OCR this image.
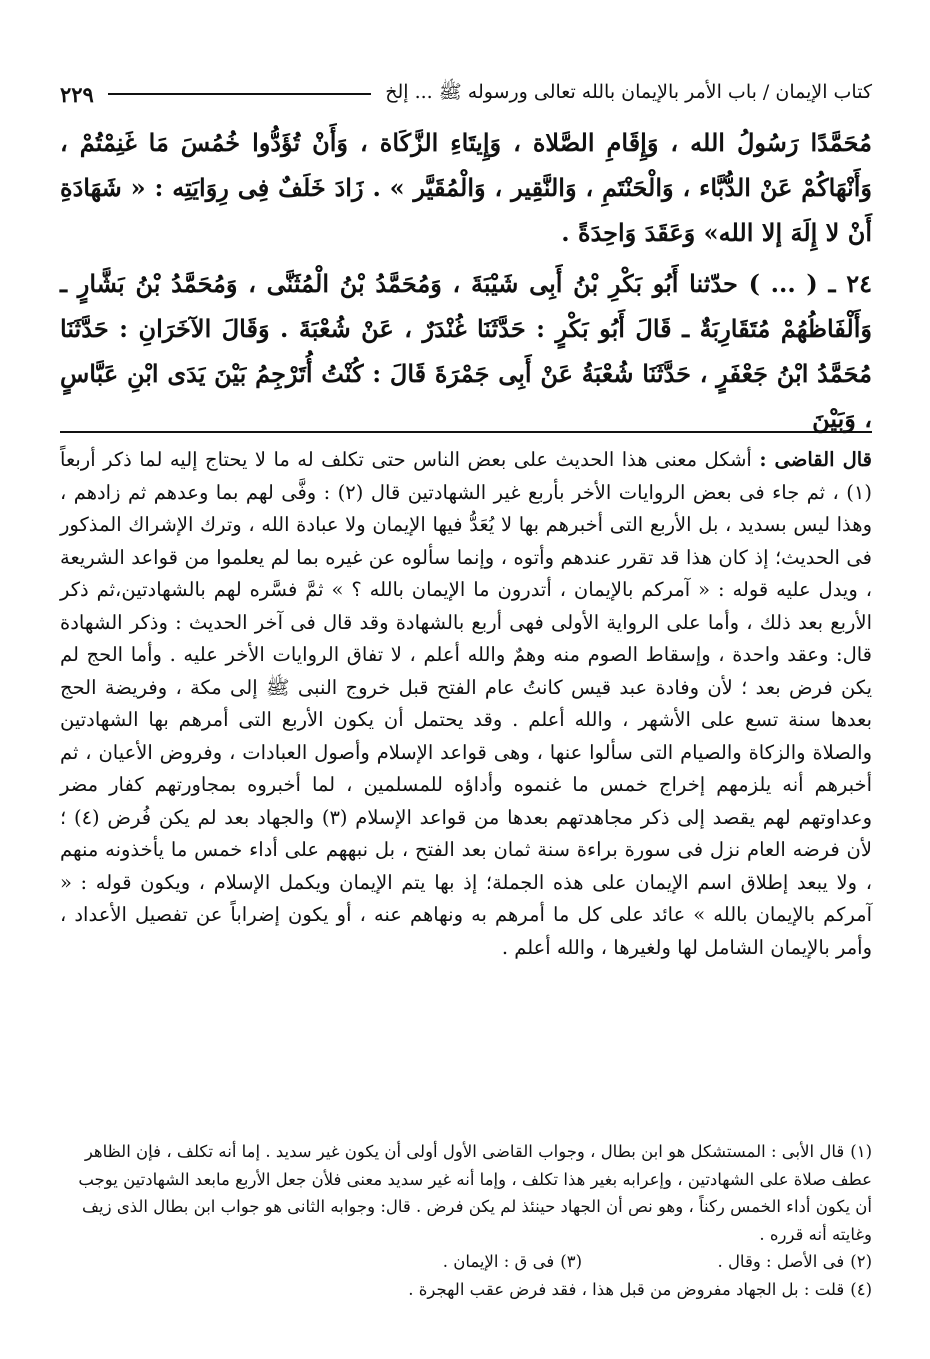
كتاب الإيمان / باب الأمر بالإيمان بالله تعالى ورسوله ﷺ ... إلخ
٢٢٩

مُحَمَّدًا رَسُولُ الله ، وَإِقَامِ الصَّلاة ، وَإِيتَاءِ الزَّكَاة ، وَأَنْ تُؤَدُّوا خُمُسَ مَا غَنِمْتُمْ ، وَأَنْهَاكُمْ عَنْ الدُّبَّاء ، وَالْحَنْتَمِ ، وَالنَّقِير ، وَالْمُقَيَّر » . زَادَ خَلَفٌ فِى رِوَايَتِه : « شَهَادَةِ أَنْ لا إِلَهَ إلا الله» وَعَقَدَ وَاحِدَةً .

٢٤ ـ ( ... ) حدّثنا أَبُو بَكْرِ بْنُ أَبِى شَيْبَةَ ، وَمُحَمَّدُ بْنُ الْمُثَنَّى ، وَمُحَمَّدُ بْنُ بَشَّارٍ ـ وَأَلْفَاظُهُمْ مُتَقَارِبَةٌ ـ قَالَ أَبُو بَكْرٍ : حَدَّثَنَا غُنْدَرٌ ، عَنْ شُعْبَةَ . وَقَالَ الآخَرَانِ : حَدَّثَنَا مُحَمَّدُ ابْنُ جَعْفَرٍ ، حَدَّثَنَا شُعْبَةُ عَنْ أَبِى جَمْرَةَ قَالَ : كُنْتُ أُتَرْجِمُ بَيْنَ يَدَى ابْنِ عَبَّاسٍ ، وَبَيْنَ

قال القاضى : أشكل معنى هذا الحديث على بعض الناس حتى تكلف له ما لا يحتاج إليه لما ذكر أربعاً (١) ، ثم جاء فى بعض الروايات الأخر بأربع غير الشهادتين قال (٢) : وفَّى لهم بما وعدهم ثم زادهم ، وهذا ليس بسديد ، بل الأربع التى أخبرهم بها لا يُعَدُّ فيها الإيمان ولا عبادة الله ، وترك الإشراك المذكور فى الحديث؛ إذ كان هذا قد تقرر عندهم وأتوه ، وإنما سألوه عن غيره بما لم يعلموا من قواعد الشريعة ، ويدل عليه قوله : « آمركم بالإيمان ، أتدرون ما الإيمان بالله ؟ » ثمَّ فسَّره لهم بالشهادتين،ثم ذكر الأربع بعد ذلك ، وأما على الرواية الأولى فهى أربع بالشهادة وقد قال فى آخر الحديث : وذكر الشهادة قال: وعقد واحدة ، وإسقاط الصوم منه وهمٌ والله أعلم ، لا تفاق الروايات الأخر عليه . وأما الحج لم يكن فرض بعد ؛ لأن وفادة عبد قيس كانتُ عام الفتح قبل خروج النبى ﷺ إلى مكة ، وفريضة الحج بعدها سنة تسع على الأشهر ، والله أعلم . وقد يحتمل أن يكون الأربع التى أمرهم بها الشهادتين والصلاة والزكاة والصيام التى سألوا عنها ، وهى قواعد الإسلام وأصول العبادات ، وفروض الأعيان ، ثم أخبرهم أنه يلزمهم إخراج خمس ما غنموه وأداؤه للمسلمين ، لما أخبروه بمجاورتهم كفار مضر وعداوتهم لهم يقصد إلى ذكر مجاهدتهم بعدها من قواعد الإسلام (٣) والجهاد بعد لم يكن فُرض (٤) ؛ لأن فرضه العام نزل فى سورة براءة سنة ثمان بعد الفتح ، بل نبههم على أداء خمس ما يأخذونه منهم ، ولا يبعد إطلاق اسم الإيمان على هذه الجملة؛ إذ بها يتم الإيمان ويكمل الإسلام ، ويكون قوله : « آمركم بالإيمان بالله » عائد على كل ما أمرهم به ونهاهم عنه ، أو يكون إضراباً عن تفصيل الأعداد ، وأمر بالإيمان الشامل لها ولغيرها ، والله أعلم .

(١)قال الأبى : المستشكل هو ابن بطال ، وجواب القاضى الأول أولى أن يكون غير سديد . إما أنه تكلف ، فإن الظاهر عطف صلاة على الشهادتين ، وإعرابه بغير هذا تكلف ، وإما أنه غير سديد معنى فلأن جعل الأربع مابعد الشهادتين يوجب أن يكون أداء الخمس ركناً ، وهو نص أن الجهاد حينئذ لم يكن فرض . قال: وجوابه الثانى هو جواب ابن بطال الذى زيف وغايته أنه قرره .

(٢)فى الأصل : وقال .

(٣)فى ق : الإيمان .

(٤)قلت : بل الجهاد مفروض من قبل هذا ، فقد فرض عقب الهجرة .
